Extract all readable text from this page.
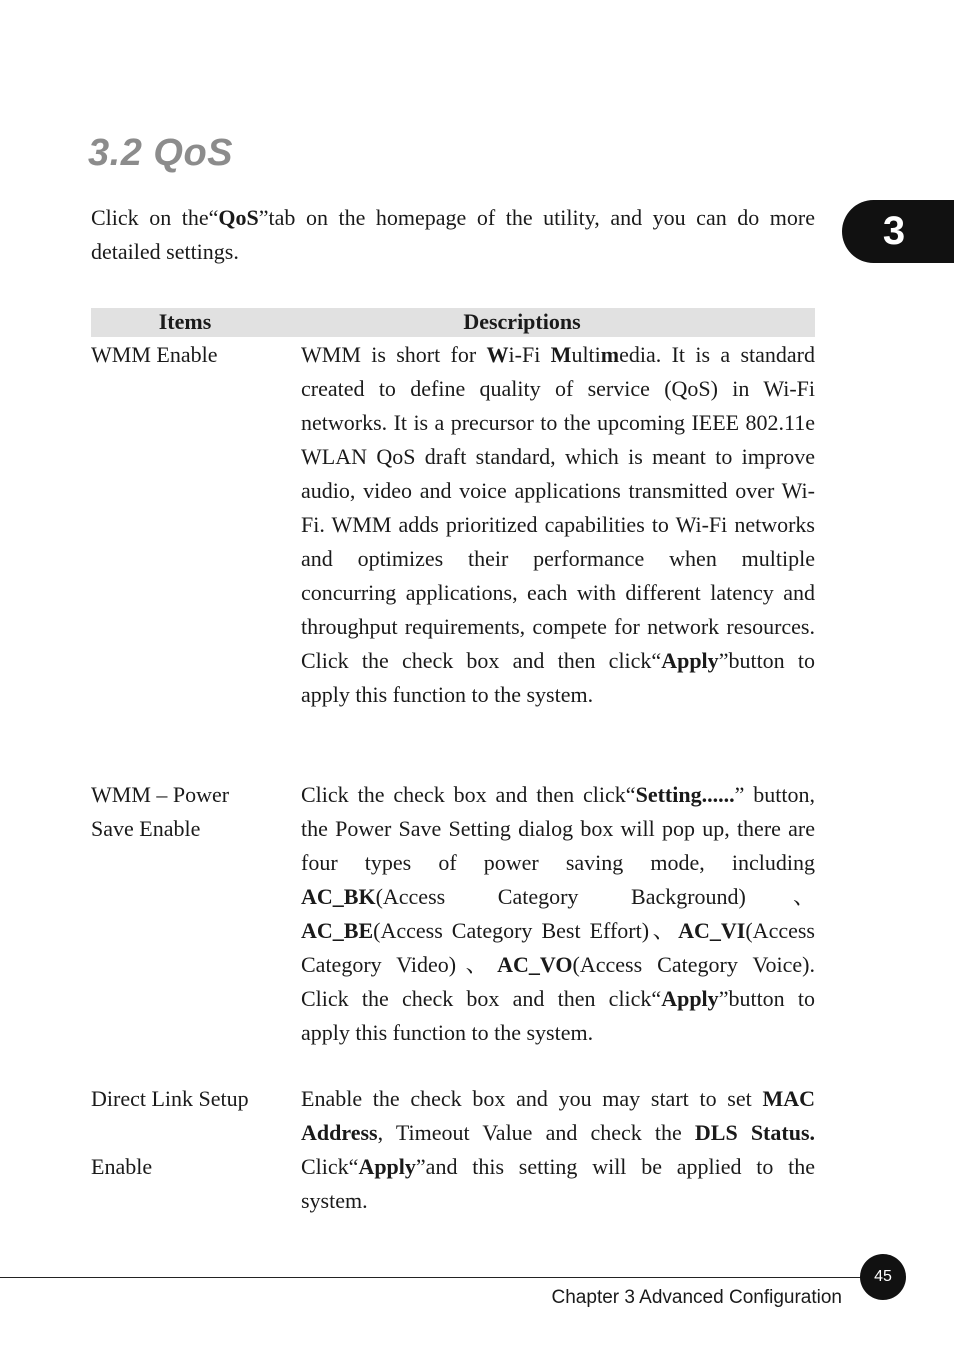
3.2 QoS
3

Click on the“QoS”tab on the homepage of the utility, and you can do more detailed settings.

Items	Descriptions
WMM Enable	WMM is short for Wi-Fi Multimedia. It is a standard created to define quality of service (QoS) in Wi-Fi networks. It is a precursor to the upcoming IEEE 802.11e WLAN QoS draft standard, which is meant to improve audio, video and voice applications transmitted over Wi-Fi. WMM adds prioritized capabilities to Wi-Fi networks and optimizes their performance when multiple concurring applications, each with different latency and throughput requirements, compete for network resources. Click the check box and then click“Apply”button to apply this function to the system.

WMM – Power
Save Enable

Click the check box and then click“Setting......” button, the Power Save Setting dialog box will pop up, there are four types of power saving mode, including AC_BK(Access Category Background)、AC_BE(Access Category Best Effort)、AC_VI(Access Category Video)、AC_VO(Access Category Voice). Click the check box and then click“Apply”button to apply this function to the system.

Direct Link Setup

Enable

Enable the check box and you may start to set MAC Address, Timeout Value and check the DLS Status. Click“Apply”and this setting will be applied to the system.

45
Chapter 3 Advanced Configuration
